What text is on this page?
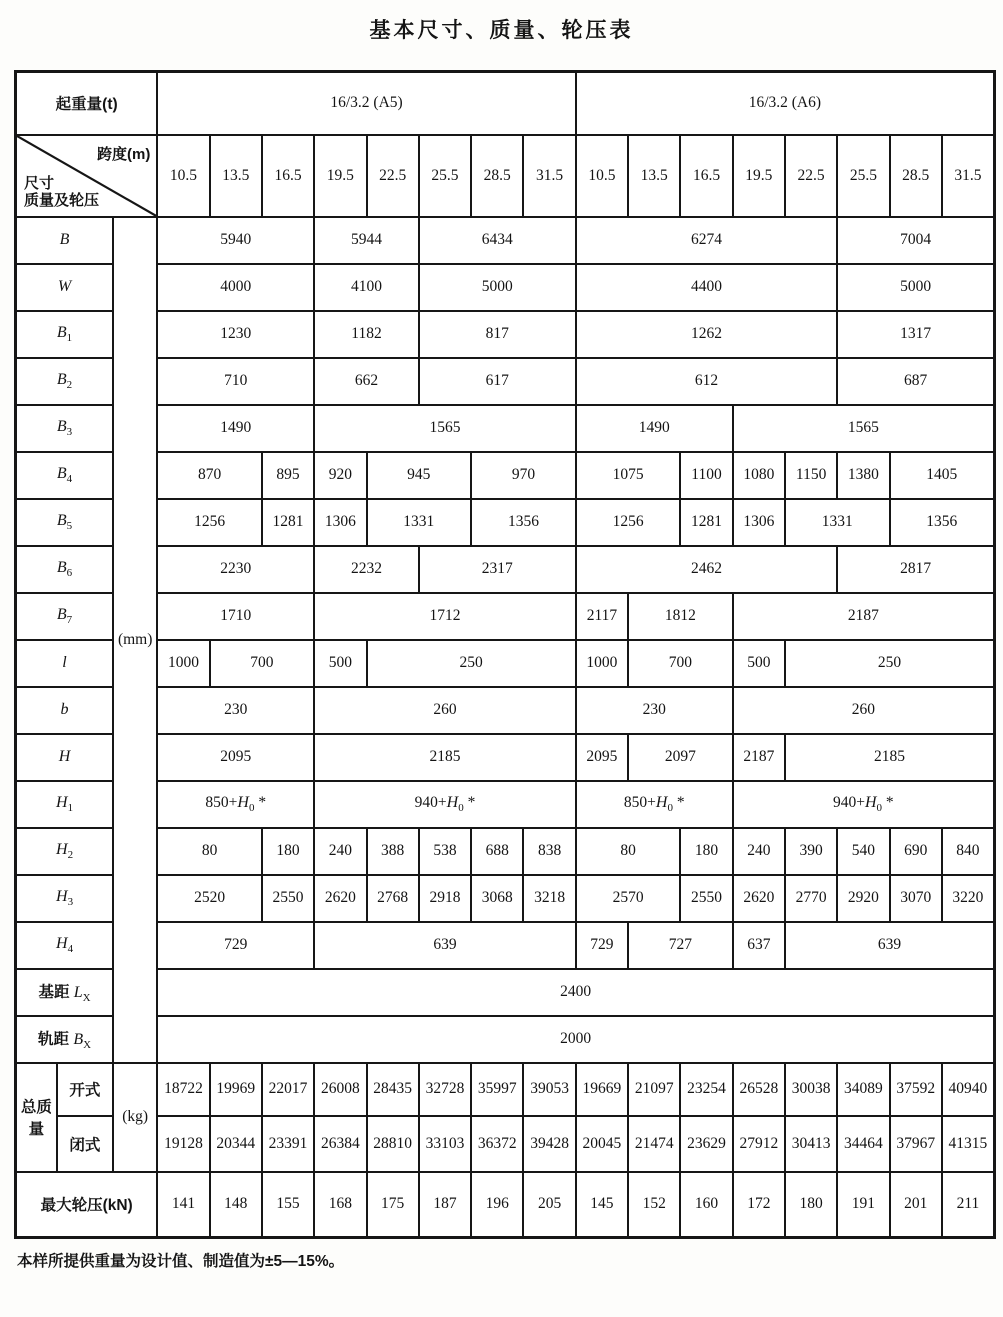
基本尺寸、质量、轮压表
起重量(t)			16/3.2 (A5)								16/3.2 (A6)							

跨度(m)
尺寸
质量及轮压			10.5	13.5	16.5	19.5	22.5	25.5	28.5	31.5	10.5	13.5	16.5	19.5	22.5	25.5	28.5	31.5
B		(mm)	5940			5944		6434			6274					7004		
W			4000			4100		5000			4400					5000		
$B_1$			1230			1182		817			1262					1317		
$B_2$			710			662		617			612					687		
$B_3$			1490			1565					1490			1565				
$B_4$			870		895	920	945		970		1075		1100	1080	1150	1380	1405	
$B_5$			1256		1281	1306	1331		1356		1256		1281	1306	1331		1356	
$B_6$			2230			2232		2317			2462					2817		
$B_7$			1710			1712					2117	1812		2187				
l			1000	700		500	250				1000	700		500	250			
b			230			260					230			260				
H			2095			2185					2095	2097		2187	2185			
$H_1$			$850+H_0$ *			$940+H_0$ *					$850+H_0$ *			$940+H_0$ *				
$H_2$			80		180	240	388	538	688	838	80		180	240	390	540	690	840
$H_3$			2520		2550	2620	2768	2918	3068	3218	2570		2550	2620	2770	2920	3070	3220
$H_4$			729			639					729	727		637	639			
基距 $L_X$			2400															
轨距 $B_X$			2000															
总质量	开式	(kg)	18722	19969	22017	26008	28435	32728	35997	39053	19669	21097	23254	26528	30038	34089	37592	40940
	闭式		19128	20344	23391	26384	28810	33103	36372	39428	20045	21474	23629	27912	30413	34464	37967	41315
最大轮压(kN)			141	148	155	168	175	187	196	205	145	152	160	172	180	191	201	211
本样所提供重量为设计值、制造值为±5—15%。
